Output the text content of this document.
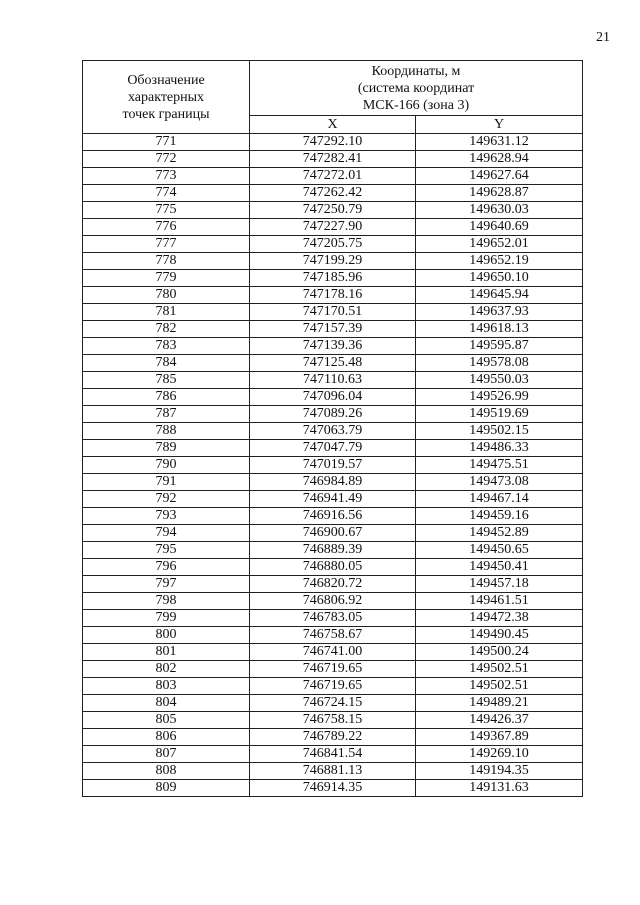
21
Обозначение
характерных
точек границы	Координаты, м
(система координат
МСК-166 (зона 3)	

	X	Y
771	747292.10	149631.12
772	747282.41	149628.94
773	747272.01	149627.64
774	747262.42	149628.87
775	747250.79	149630.03
776	747227.90	149640.69
777	747205.75	149652.01
778	747199.29	149652.19
779	747185.96	149650.10
780	747178.16	149645.94
781	747170.51	149637.93
782	747157.39	149618.13
783	747139.36	149595.87
784	747125.48	149578.08
785	747110.63	149550.03
786	747096.04	149526.99
787	747089.26	149519.69
788	747063.79	149502.15
789	747047.79	149486.33
790	747019.57	149475.51
791	746984.89	149473.08
792	746941.49	149467.14
793	746916.56	149459.16
794	746900.67	149452.89
795	746889.39	149450.65
796	746880.05	149450.41
797	746820.72	149457.18
798	746806.92	149461.51
799	746783.05	149472.38
800	746758.67	149490.45
801	746741.00	149500.24
802	746719.65	149502.51
803	746719.65	149502.51
804	746724.15	149489.21
805	746758.15	149426.37
806	746789.22	149367.89
807	746841.54	149269.10
808	746881.13	149194.35
809	746914.35	149131.63
